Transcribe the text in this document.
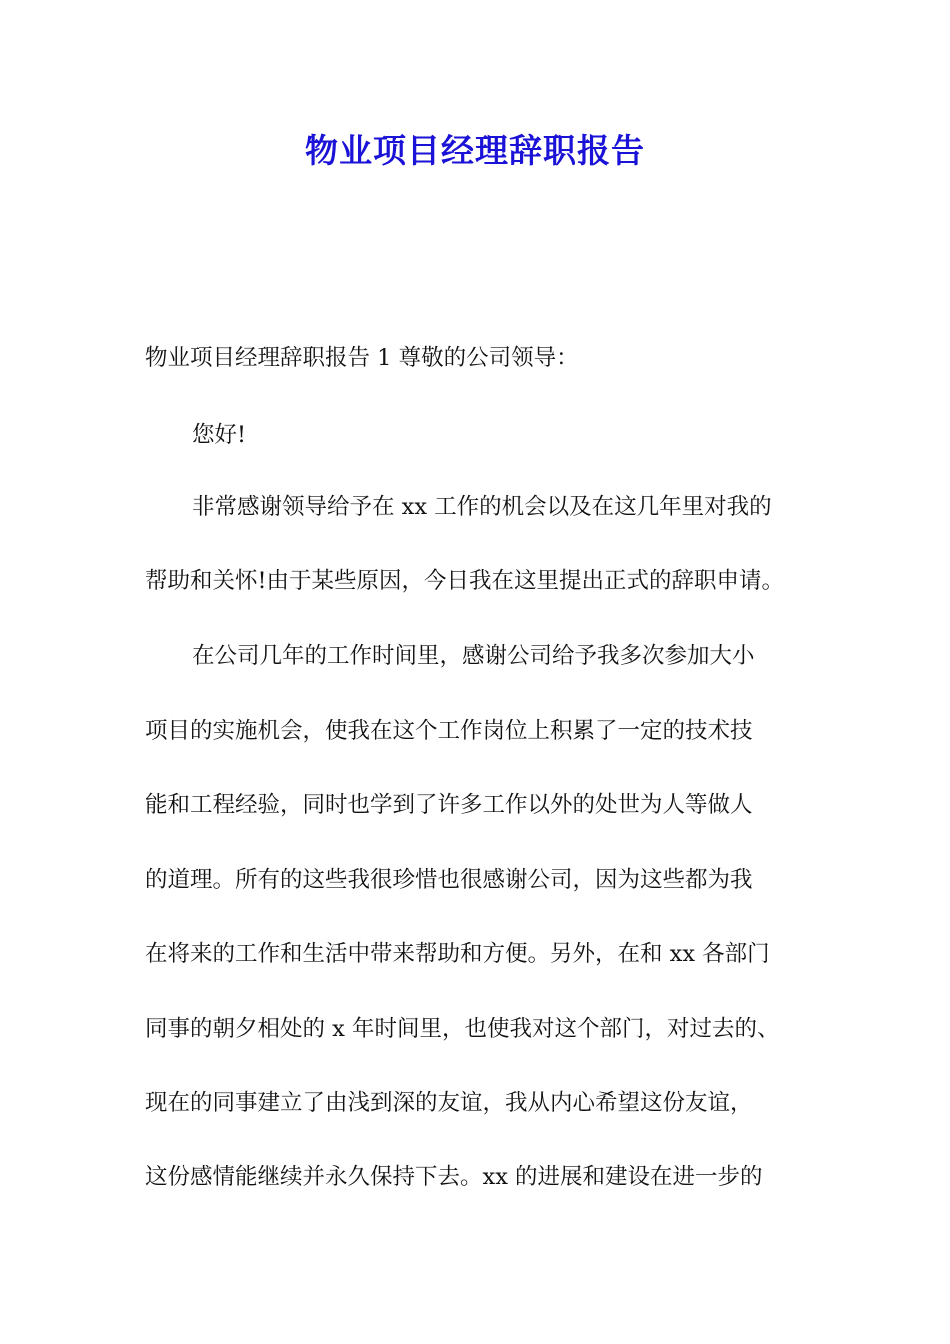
物业项目经理辞职报告

物业项目经理辞职报告 1 尊敬的公司领导：

您好!

非常感谢领导给予在 xx 工作的机会以及在这几年里对我的

帮助和关怀!由于某些原因，今日我在这里提出正式的辞职申请。

在公司几年的工作时间里，感谢公司给予我多次参加大小

项目的实施机会，使我在这个工作岗位上积累了一定的技术技

能和工程经验，同时也学到了许多工作以外的处世为人等做人

的道理。所有的这些我很珍惜也很感谢公司，因为这些都为我

在将来的工作和生活中带来帮助和方便。另外，在和 xx 各部门

同事的朝夕相处的 x 年时间里，也使我对这个部门，对过去的、

现在的同事建立了由浅到深的友谊，我从内心希望这份友谊，

这份感情能继续并永久保持下去。xx 的进展和建设在进一步的
